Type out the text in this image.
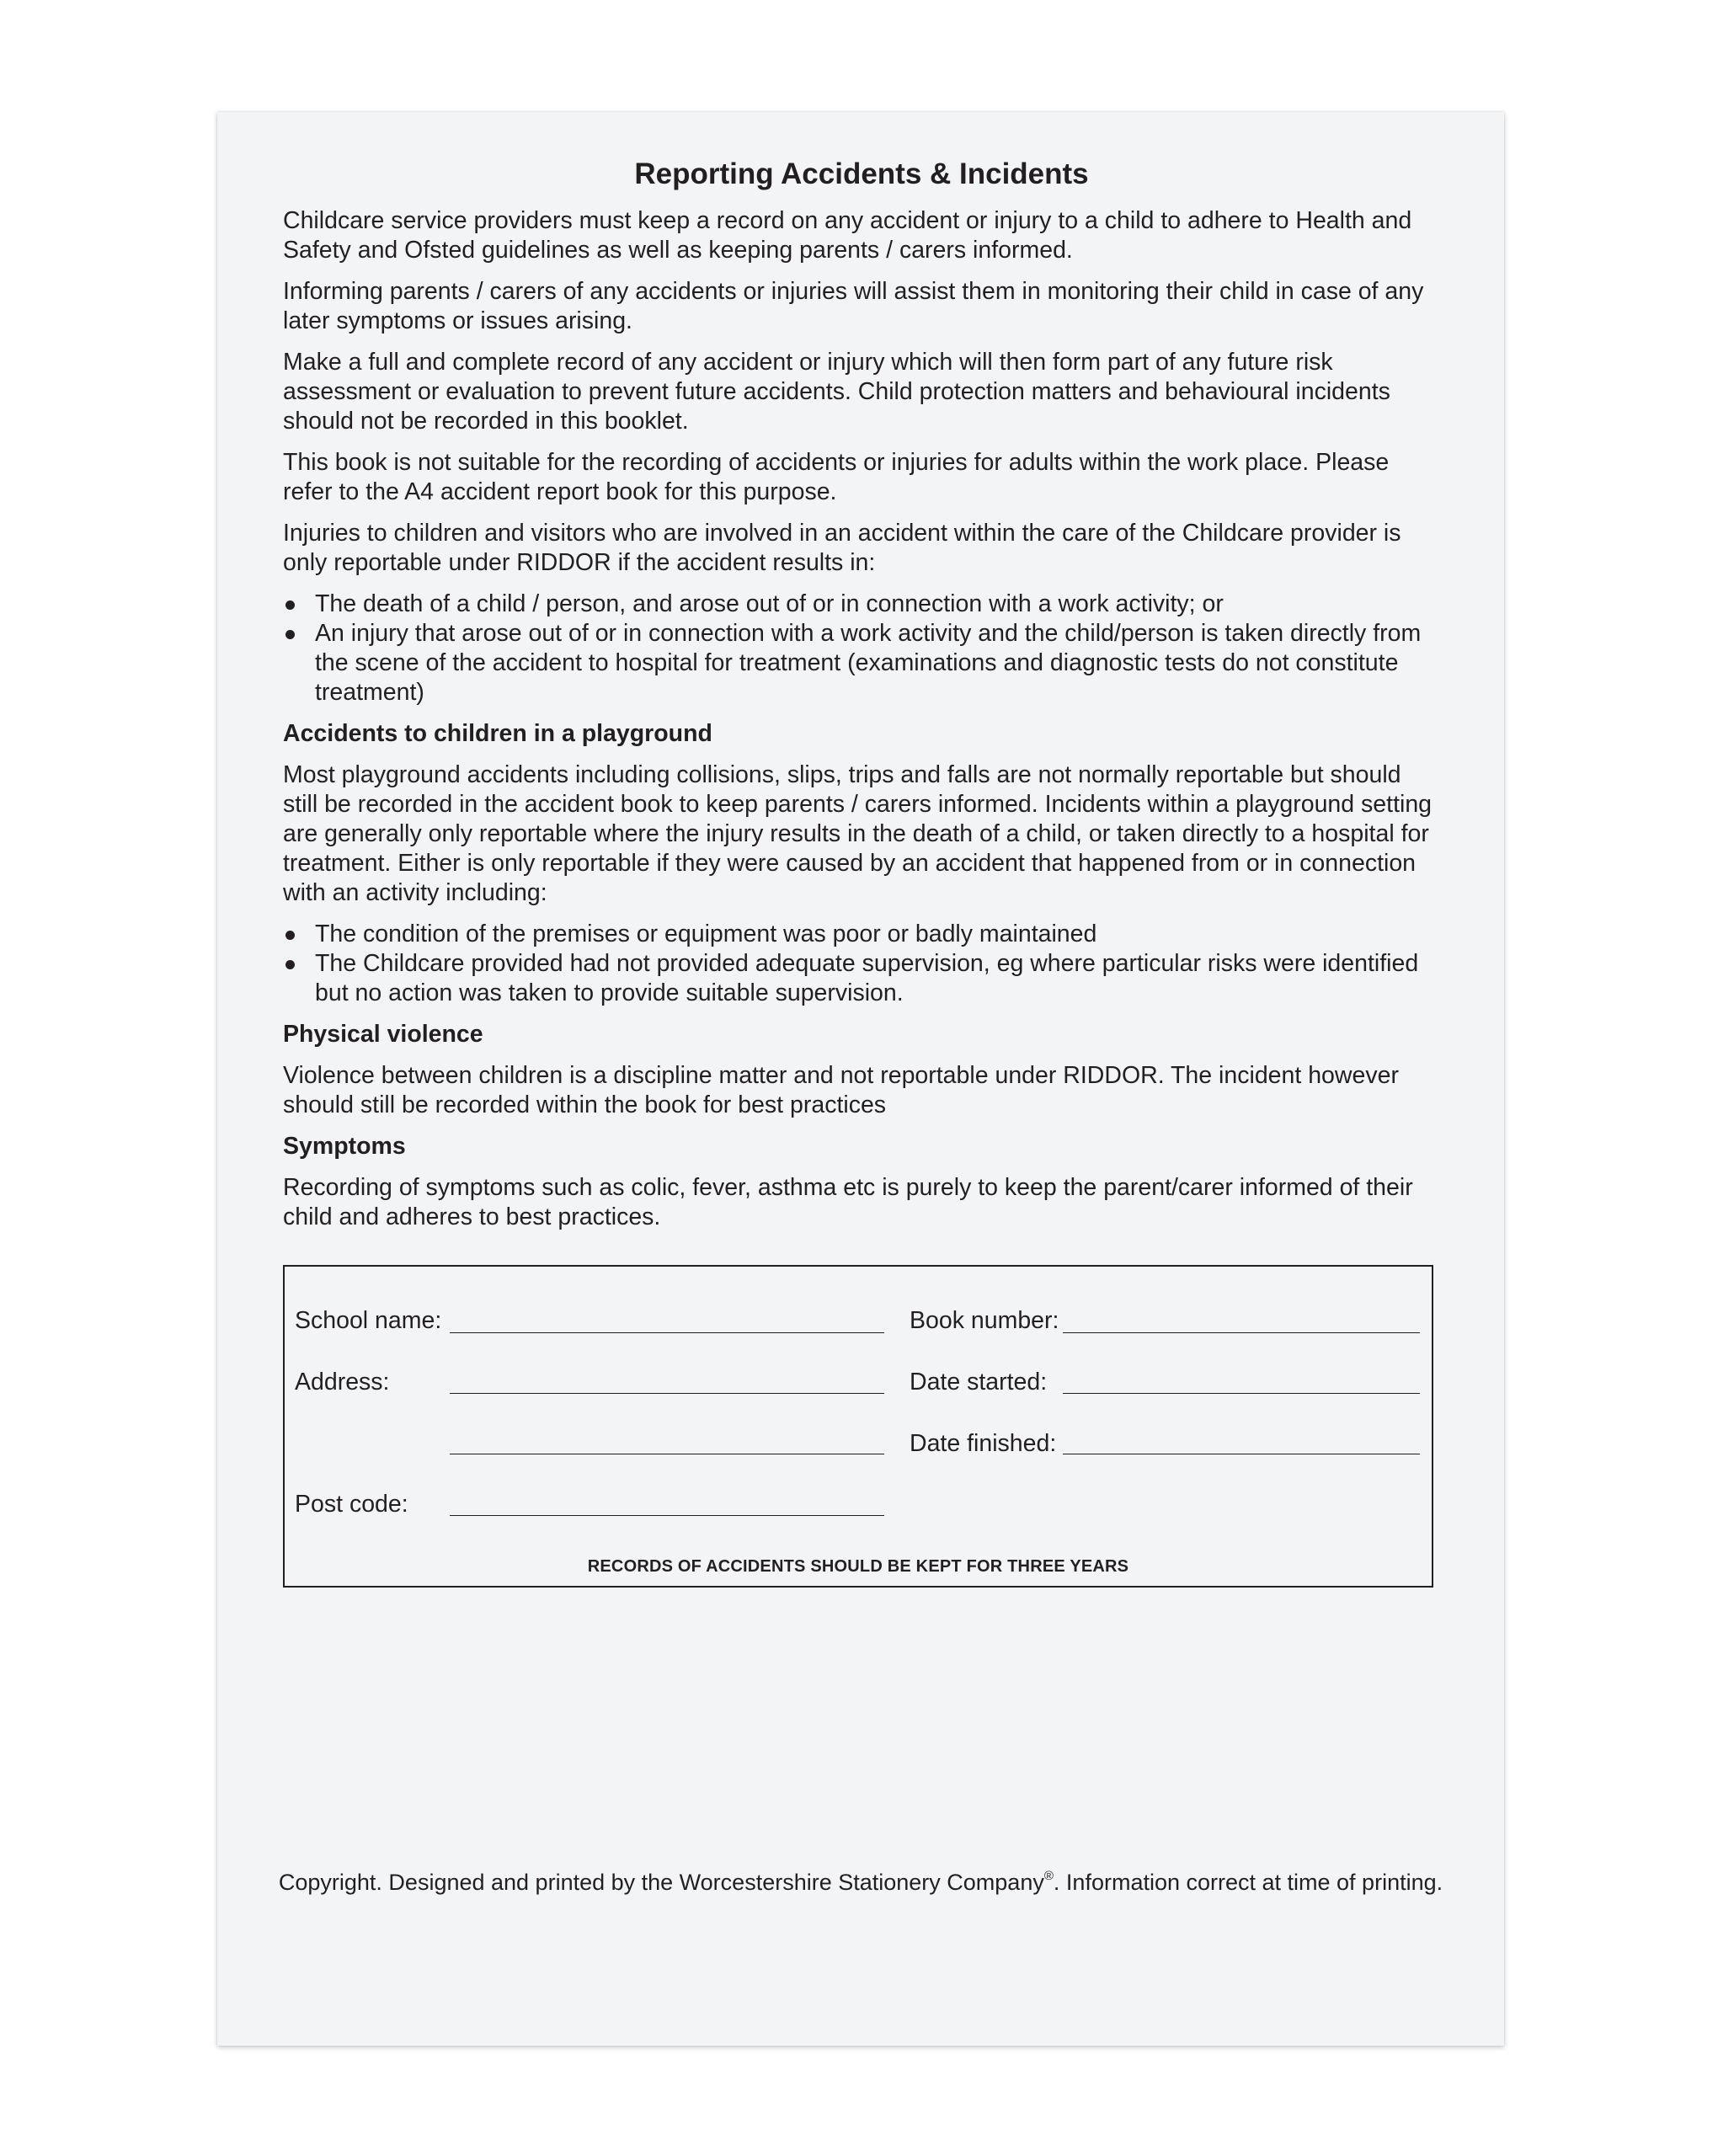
Reporting Accidents & Incidents

Childcare service providers must keep a record on any accident or injury to a child to adhere to Health and Safety and Ofsted guidelines as well as keeping parents / carers informed.

Informing parents / carers of any accidents or injuries will assist them in monitoring their child in case of any later symptoms or issues arising.

Make a full and complete record of any accident or injury which will then form part of any future risk assessment or evaluation to prevent future accidents. Child protection matters and behavioural incidents should not be recorded in this booklet.

This book is not suitable for the recording of accidents or injuries for adults within the work place. Please refer to the A4 accident report book for this purpose.

Injuries to children and visitors who are involved in an accident within the care of the Childcare provider is only reportable under RIDDOR if the accident results in:

The death of a child / person, and arose out of or in connection with a work activity; or
An injury that arose out of or in connection with a work activity and the child/person is taken directly from the scene of the accident to hospital for treatment (examinations and diagnostic tests do not constitute treatment)
Accidents to children in a playground

Most playground accidents including collisions, slips, trips and falls are not normally reportable but should still be recorded in the accident book to keep parents / carers informed. Incidents within a playground setting are generally only reportable where the injury results in the death of a child, or taken directly to a hospital for treatment. Either is only reportable if they were caused by an accident that happened from or in connection with an activity including:

The condition of the premises or equipment was poor or badly maintained
The Childcare provided had not provided adequate supervision, eg where particular risks were identified but no action was taken to provide suitable supervision.
Physical violence

Violence between children is a discipline matter and not reportable under RIDDOR. The incident however should still be recorded within the book for best practices

Symptoms

Recording of symptoms such as colic, fever, asthma etc is purely to keep the parent/carer informed of their child and adheres to best practices.

School name:
Address:
Post code:
Book number:
Date started:
Date finished:
RECORDS OF ACCIDENTS SHOULD BE KEPT FOR THREE YEARS
Copyright. Designed and printed by the Worcestershire Stationery Company®. Information correct at time of printing.
